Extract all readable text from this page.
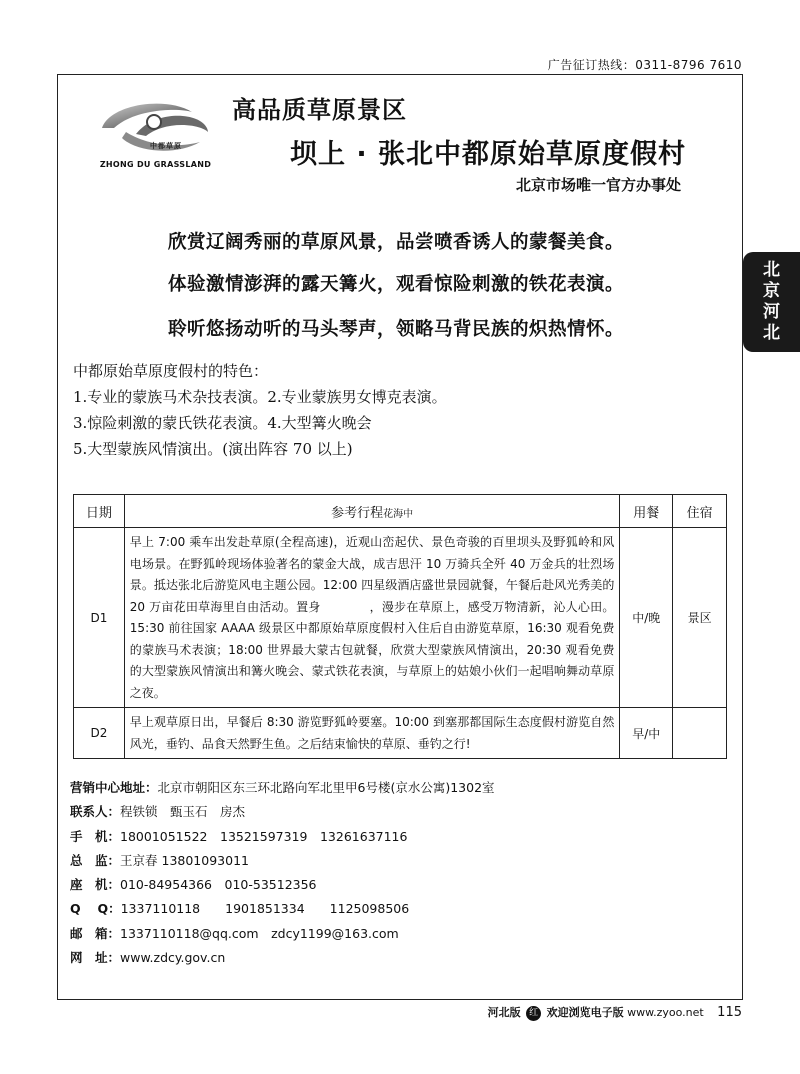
广告征订热线：0311-8796 7610
北
京
河
北
中都草原
ZHONG DU GRASSLAND
高品质草原景区
坝上 · 张北中都原始草原度假村
北京市场唯一官方办事处
欣赏辽阔秀丽的草原风景，品尝喷香诱人的蒙餐美食。
体验激情澎湃的露天篝火，观看惊险刺激的铁花表演。
聆听悠扬动听的马头琴声，领略马背民族的炽热情怀。
中都原始草原度假村的特色：
1.专业的蒙族马术杂技表演。2.专业蒙族男女博克表演。
3.惊险刺激的蒙氏铁花表演。4.大型篝火晚会
5.大型蒙族风情演出。(演出阵容 70 以上)
日期	参考行程花海中	用餐	住宿
D1	早上 7:00 乘车出发赴草原(全程高速)，近观山峦起伏、景色奇骏的百里坝头及野狐岭和风电场景。在野狐岭现场体验著名的蒙金大战，成吉思汗 10 万骑兵全歼 40 万金兵的壮烈场景。抵达张北后游览风电主题公园。12:00 四星级酒店盛世景园就餐，午餐后赴风光秀美的 20 万亩花田草海里自由活动。置身　　　　，漫步在草原上，感受万物清新，沁人心田。15:30 前往国家 AAAA 级景区中都原始草原度假村入住后自由游览草原，16:30 观看免费的蒙族马术表演；18:00 世界最大蒙古包就餐，欣赏大型蒙族风情演出，20:30 观看免费的大型蒙族风情演出和篝火晚会、蒙式铁花表演，与草原上的姑娘小伙们一起唱响舞动草原之夜。	中/晚	景区
D2	早上观草原日出，早餐后 8:30 游览野狐岭要塞。10:00 到塞那都国际生态度假村游览自然风光，垂钓、品食天然野生鱼。之后结束愉快的草原、垂钓之行!	早/中	
营销中心地址：北京市朝阳区东三环北路向军北里甲6号楼(京水公寓)1302室
联系人：程铁锁　甄玉石　房杰
手　机：18001051522　13521597319　13261637116
总　监：王京春 13801093011
座　机：010-84954366　010-53512356
Q　 Q：1337110118　　1901851334　　1125098506
邮　箱：1337110118@qq.com　zdcy1199@163.com
网　址：www.zdcy.gov.cn
河北版 红 欢迎浏览电子版 www.zyoo.net 115
